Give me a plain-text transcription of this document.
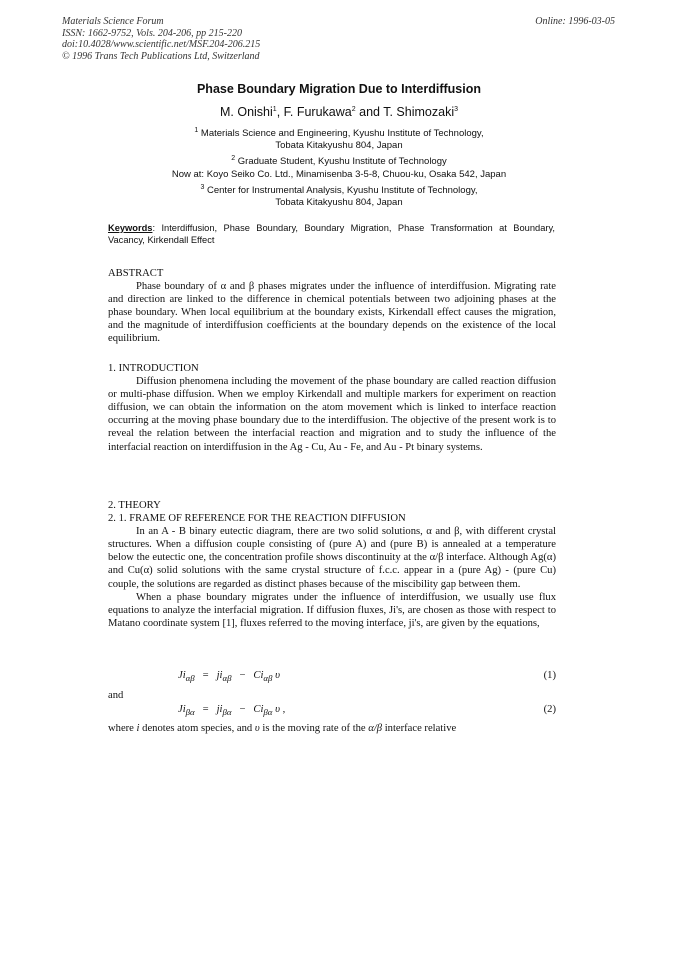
Materials Science Forum
ISSN: 1662-9752, Vols. 204-206, pp 215-220
doi:10.4028/www.scientific.net/MSF.204-206.215
© 1996 Trans Tech Publications Ltd, Switzerland
Online: 1996-03-05
Phase Boundary Migration Due to Interdiffusion
M. Onishi$^1$, F. Furukawa$^2$ and T. Shimozaki$^3$
$^1$ Materials Science and Engineering, Kyushu Institute of Technology,
Tobata Kitakyushu 804, Japan
$^2$ Graduate Student, Kyushu Institute of Technology
Now at: Koyo Seiko Co. Ltd., Minamisenba 3-5-8, Chuou-ku, Osaka 542, Japan
$^3$ Center for Instrumental Analysis, Kyushu Institute of Technology,
Tobata Kitakyushu 804, Japan
Keywords: Interdiffusion, Phase Boundary, Boundary Migration, Phase Transformation at Boundary, Vacancy, Kirkendall Effect
ABSTRACT

Phase boundary of α and β phases migrates under the influence of interdiffusion. Migrating rate and direction are linked to the difference in chemical potentials between two adjoining phases at the phase boundary. When local equilibrium at the boundary exists, Kirkendall effect causes the migration, and the magnitude of interdiffusion coefficients at the boundary depends on the existence of the local equilibrium.

1. INTRODUCTION

Diffusion phenomena including the movement of the phase boundary are called reaction diffusion or multi-phase diffusion. When we employ Kirkendall and multiple markers for experiment on reaction diffusion, we can obtain the information on the atom movement which is linked to interface reaction occurring at the moving phase boundary due to the interdiffusion. The objective of the present work is to reveal the relation between the interfacial reaction and migration and to study the influence of the interfacial reaction on interdiffusion in the Ag - Cu, Au - Fe, and Au - Pt binary systems.

2. THEORY
2. 1. FRAME OF REFERENCE FOR THE REACTION DIFFUSION

In an A - B binary eutectic diagram, there are two solid solutions, α and β, with different crystal structures. When a diffusion couple consisting of (pure A) and (pure B) is annealed at a temperature below the eutectic one, the concentration profile shows discontinuity at the α/β interface. Although Ag(α) and Cu(α) solid solutions with the same crystal structure of f.c.c. appear in a (pure Ag) - (pure Cu) couple, the solutions are regarded as distinct phases because of the miscibility gap between them.

When a phase boundary migrates under the influence of interdiffusion, we usually use flux equations to analyze the interfacial migration. If diffusion fluxes, Ji's, are chosen as those with respect to Matano coordinate system [1], fluxes referred to the moving interface, ji's, are given by the equations,

$Ji_{\alpha\beta} = ji_{\alpha\beta} - Ci_{\alpha\beta}$ υ	(1)
and
$Ji_{\beta\alpha} = ji_{\beta\alpha} - Ci_{\beta\alpha}$ υ ,	(2)
where i denotes atom species, and υ is the moving rate of the α/β interface relative
